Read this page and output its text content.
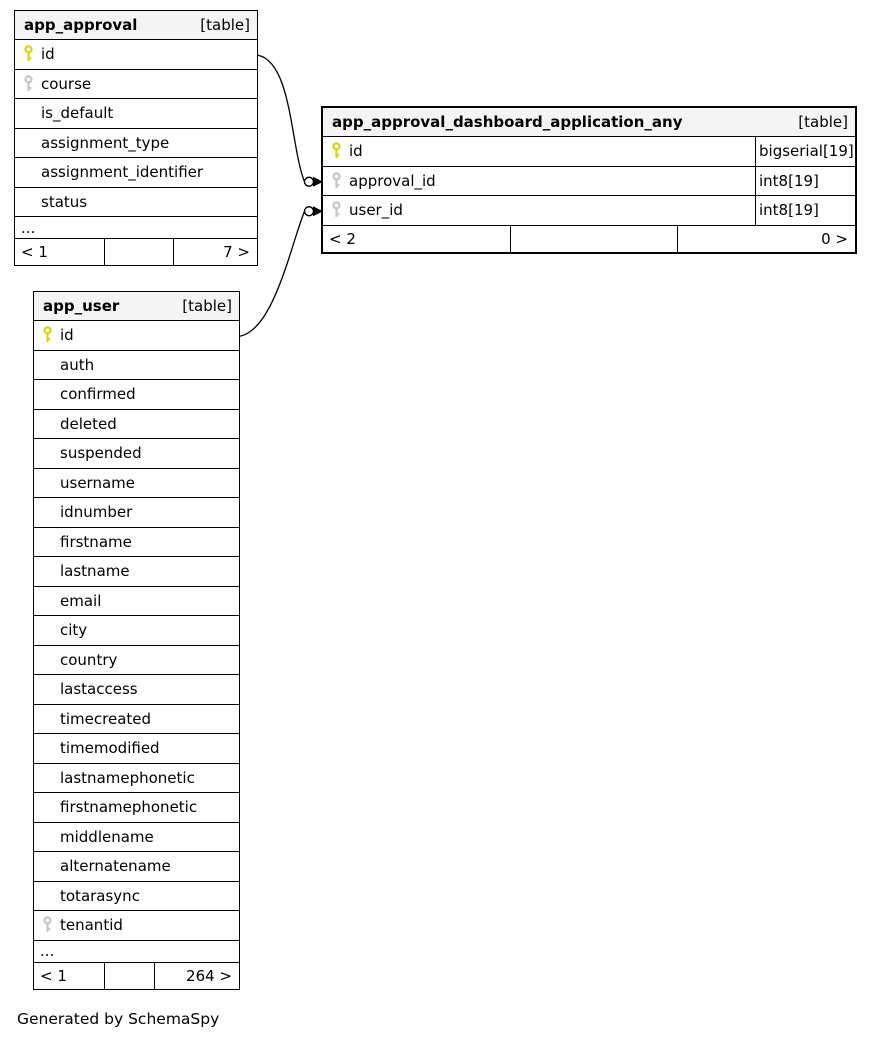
app_approval	[table]
id
course
is_default
assignment_type
assignment_identifier
status
...
< 1	7 >
app_approval_dashboard_application_any	[table]
id	bigserial[19]
approval_id	int8[19]
user_id	int8[19]
< 2	0 >
app_user	[table]
id
auth
confirmed
deleted
suspended
username
idnumber
firstname
lastname
email
city
country
lastaccess
timecreated
timemodified
lastnamephonetic
firstnamephonetic
middlename
alternatename
totarasync
tenantid
...
< 1	264 >
Generated by SchemaSpy
